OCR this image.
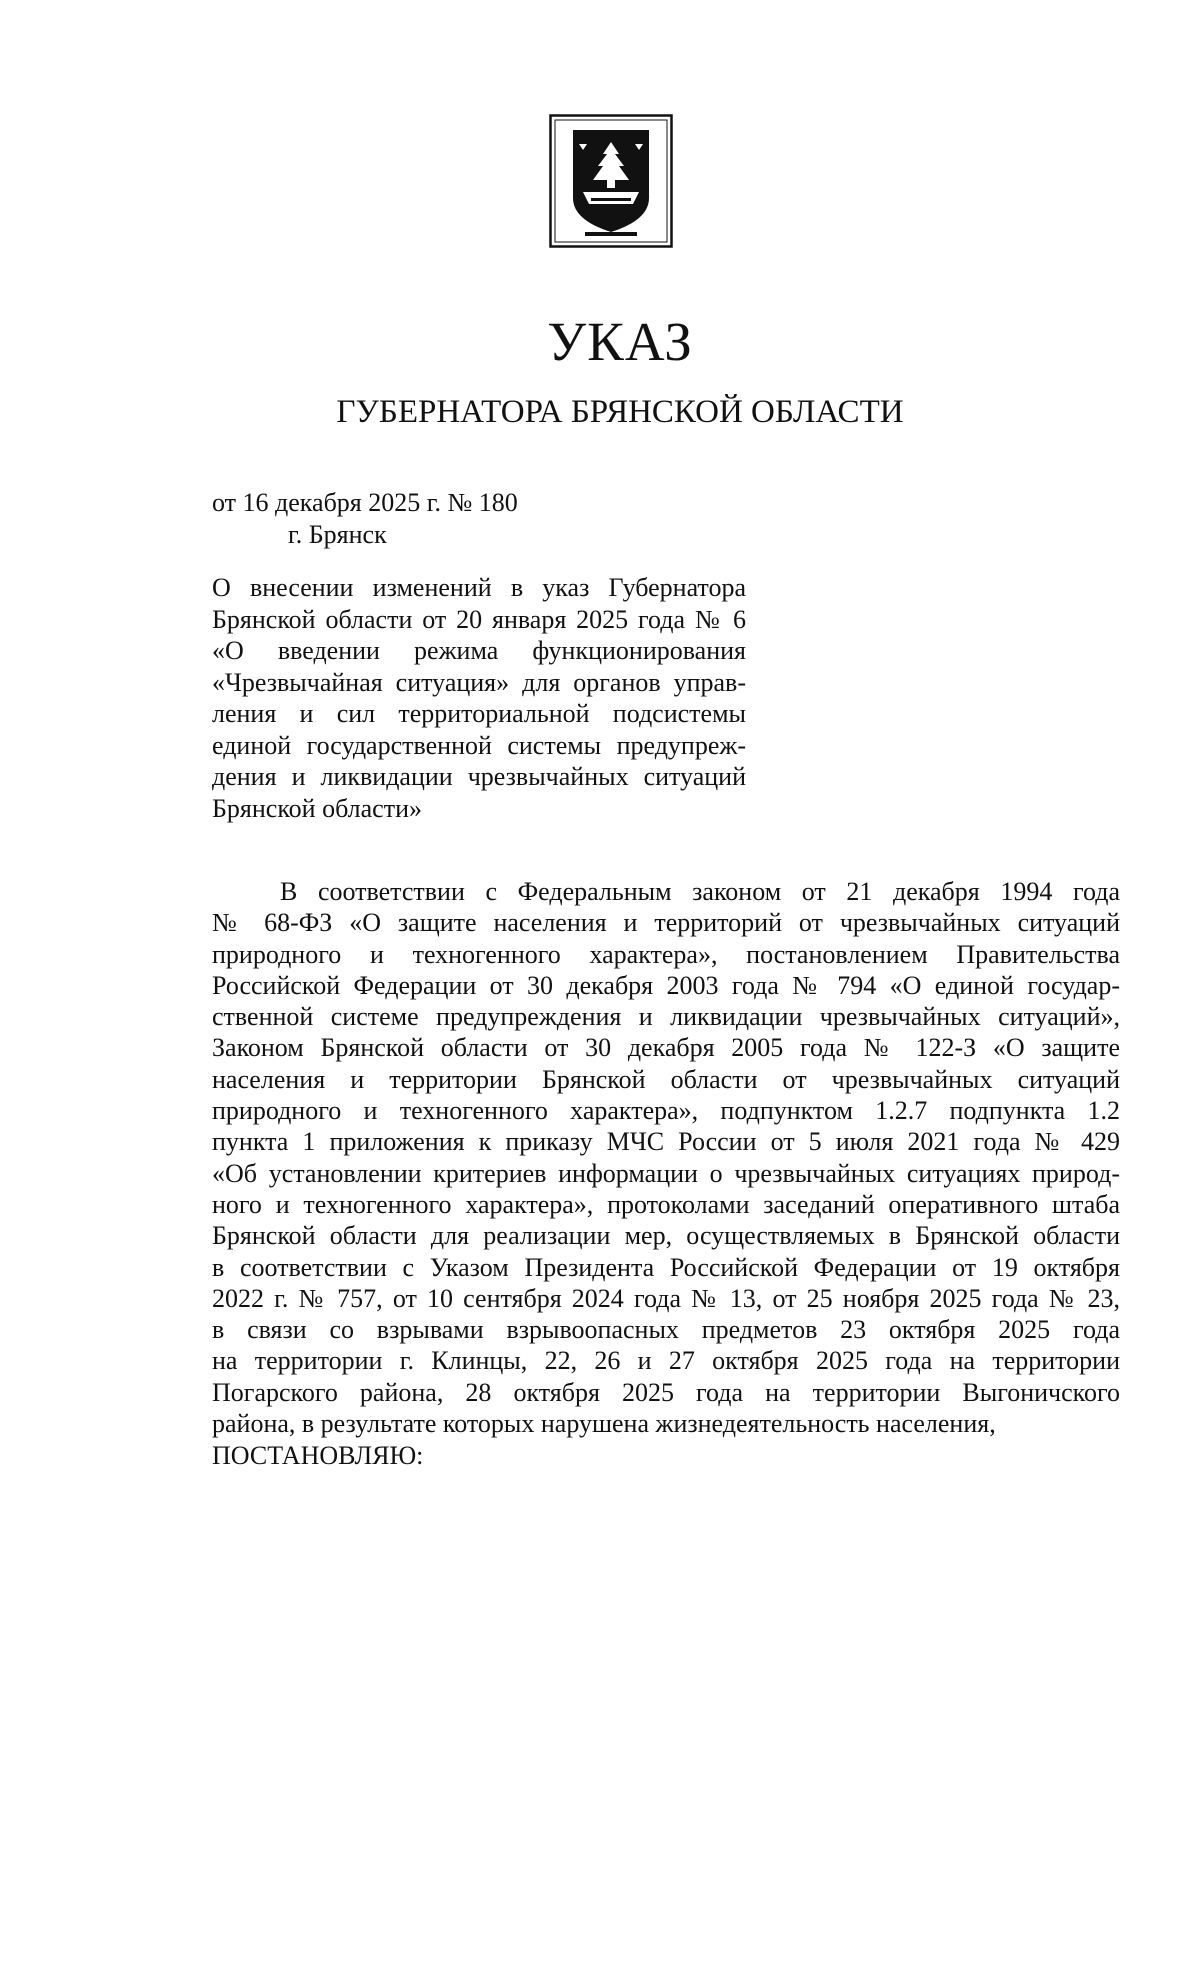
УКАЗ
ГУБЕРНАТОРА БРЯНСКОЙ ОБЛАСТИ
от 16 декабря 2025 г. № 180
г. Брянск
О внесении изменений в указ Губернатора
Брянской области от 20 января 2025 года № 6
«О введении режима функционирования
«Чрезвычайная ситуация» для органов управ-
ления и сил территориальной подсистемы
единой государственной системы предупреж-
дения и ликвидации чрезвычайных ситуаций
Брянской области»
В соответствии с Федеральным законом от 21 декабря 1994 года
№ 68-ФЗ «О защите населения и территорий от чрезвычайных ситуаций
природного и техногенного характера», постановлением Правительства
Российской Федерации от 30 декабря 2003 года № 794 «О единой государ-
ственной системе предупреждения и ликвидации чрезвычайных ситуаций»,
Законом Брянской области от 30 декабря 2005 года № 122-З «О защите
населения и территории Брянской области от чрезвычайных ситуаций
природного и техногенного характера», подпунктом 1.2.7 подпункта 1.2
пункта 1 приложения к приказу МЧС России от 5 июля 2021 года № 429
«Об установлении критериев информации о чрезвычайных ситуациях природ-
ного и техногенного характера», протоколами заседаний оперативного штаба
Брянской области для реализации мер, осуществляемых в Брянской области
в соответствии с Указом Президента Российской Федерации от 19 октября
2022 г. № 757, от 10 сентября 2024 года № 13, от 25 ноября 2025 года № 23,
в связи со взрывами взрывоопасных предметов 23 октября 2025 года
на территории г. Клинцы, 22, 26 и 27 октября 2025 года на территории
Погарского района, 28 октября 2025 года на территории Выгоничского
района, в результате которых нарушена жизнедеятельность населения,
ПОСТАНОВЛЯЮ:
